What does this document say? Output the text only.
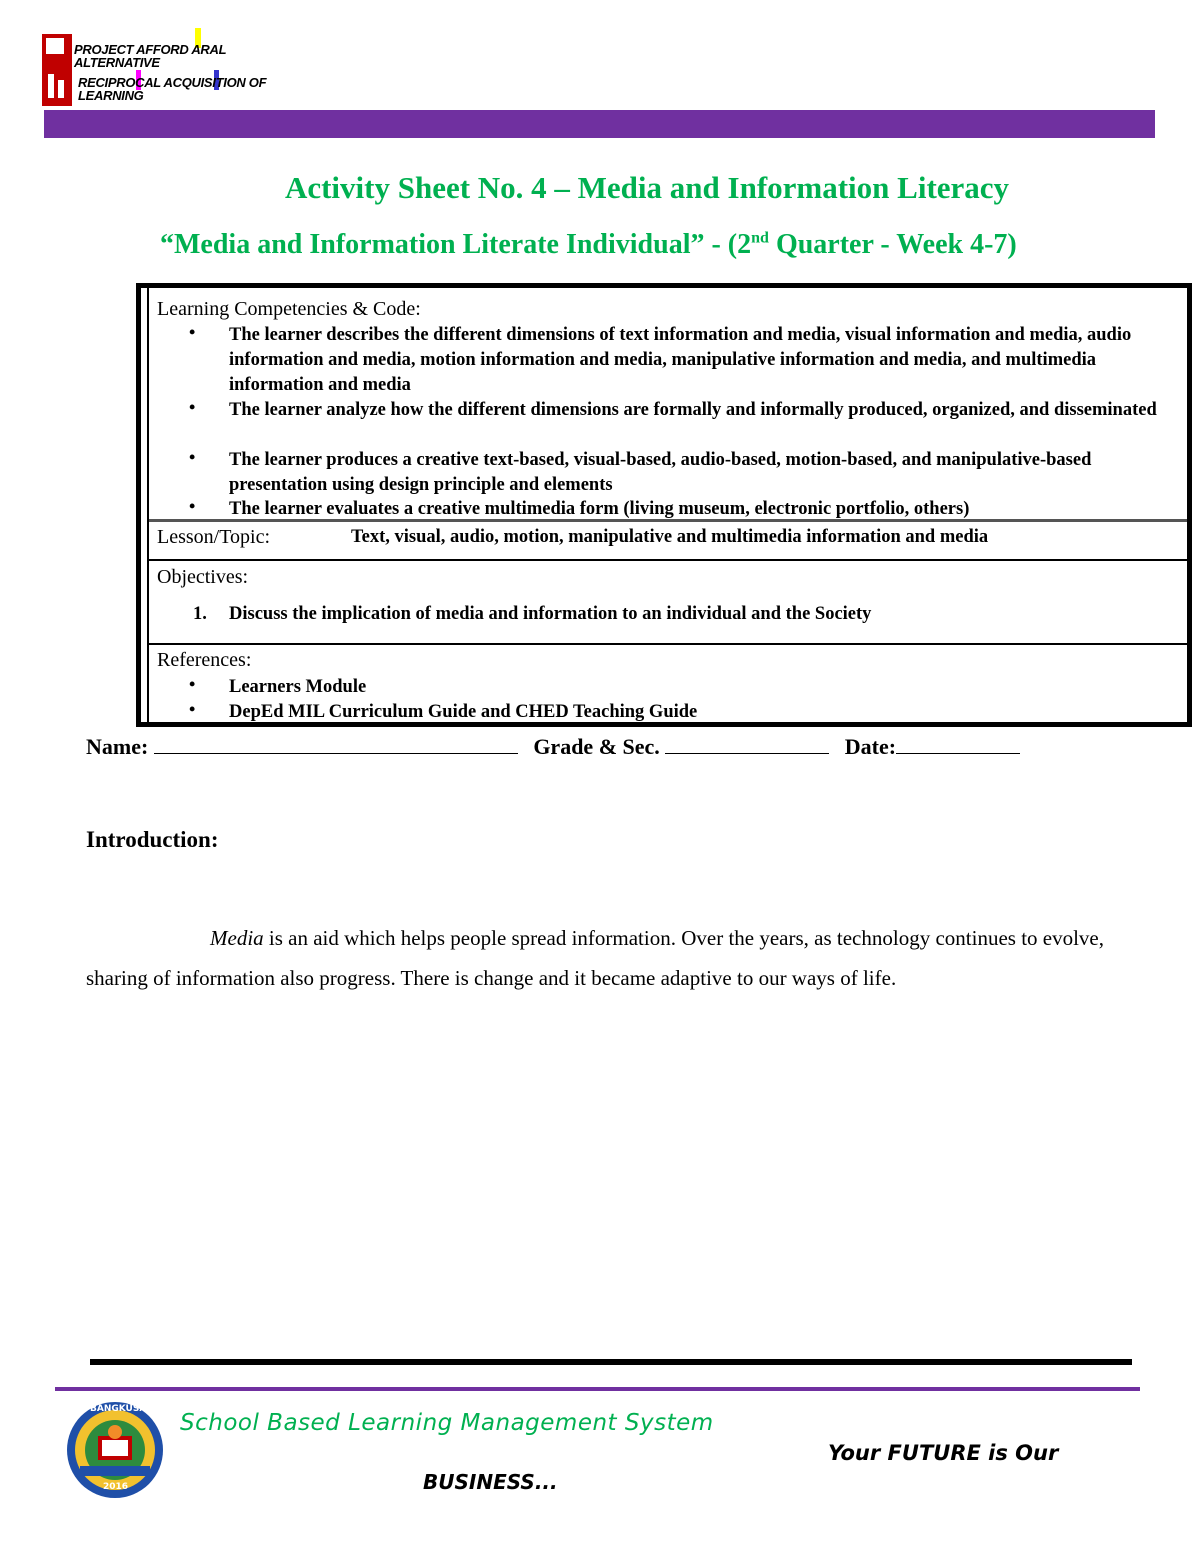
PROJECT AFFORD ARAL ALTERNATIVE
RECIPROCAL ACQUISITION OF LEARNING
Activity Sheet No. 4 – Media and Information Literacy
“Media and Information Literate Individual” - (2nd Quarter - Week 4-7)
Learning Competencies & Code:
• The learner describes the different dimensions of text information and media, visual information and media, audio information and media, motion information and media, manipulative information and media, and multimedia information and media
• The learner analyze how the different dimensions are formally and informally produced, organized, and disseminated
• The learner produces a creative text-based, visual-based, audio-based, motion-based, and manipulative-based presentation using design principle and elements
• The learner evaluates a creative multimedia form (living museum, electronic portfolio, others)
Lesson/Topic:	Text, visual, audio, motion, manipulative and multimedia information and media
Objectives:
1. Discuss the implication of media and information to an individual and the Society
References:
• Learners Module
• DepEd MIL Curriculum Guide and CHED Teaching Guide
Name:	Grade & Sec.	Date:
Introduction:
Media is an aid which helps people spread information. Over the years, as technology continues to evolve, sharing of information also progress. There is change and it became adaptive to our ways of life.
BANGKUSAY
2016
School Based Learning Management System
Your FUTURE is Our
BUSINESS...
